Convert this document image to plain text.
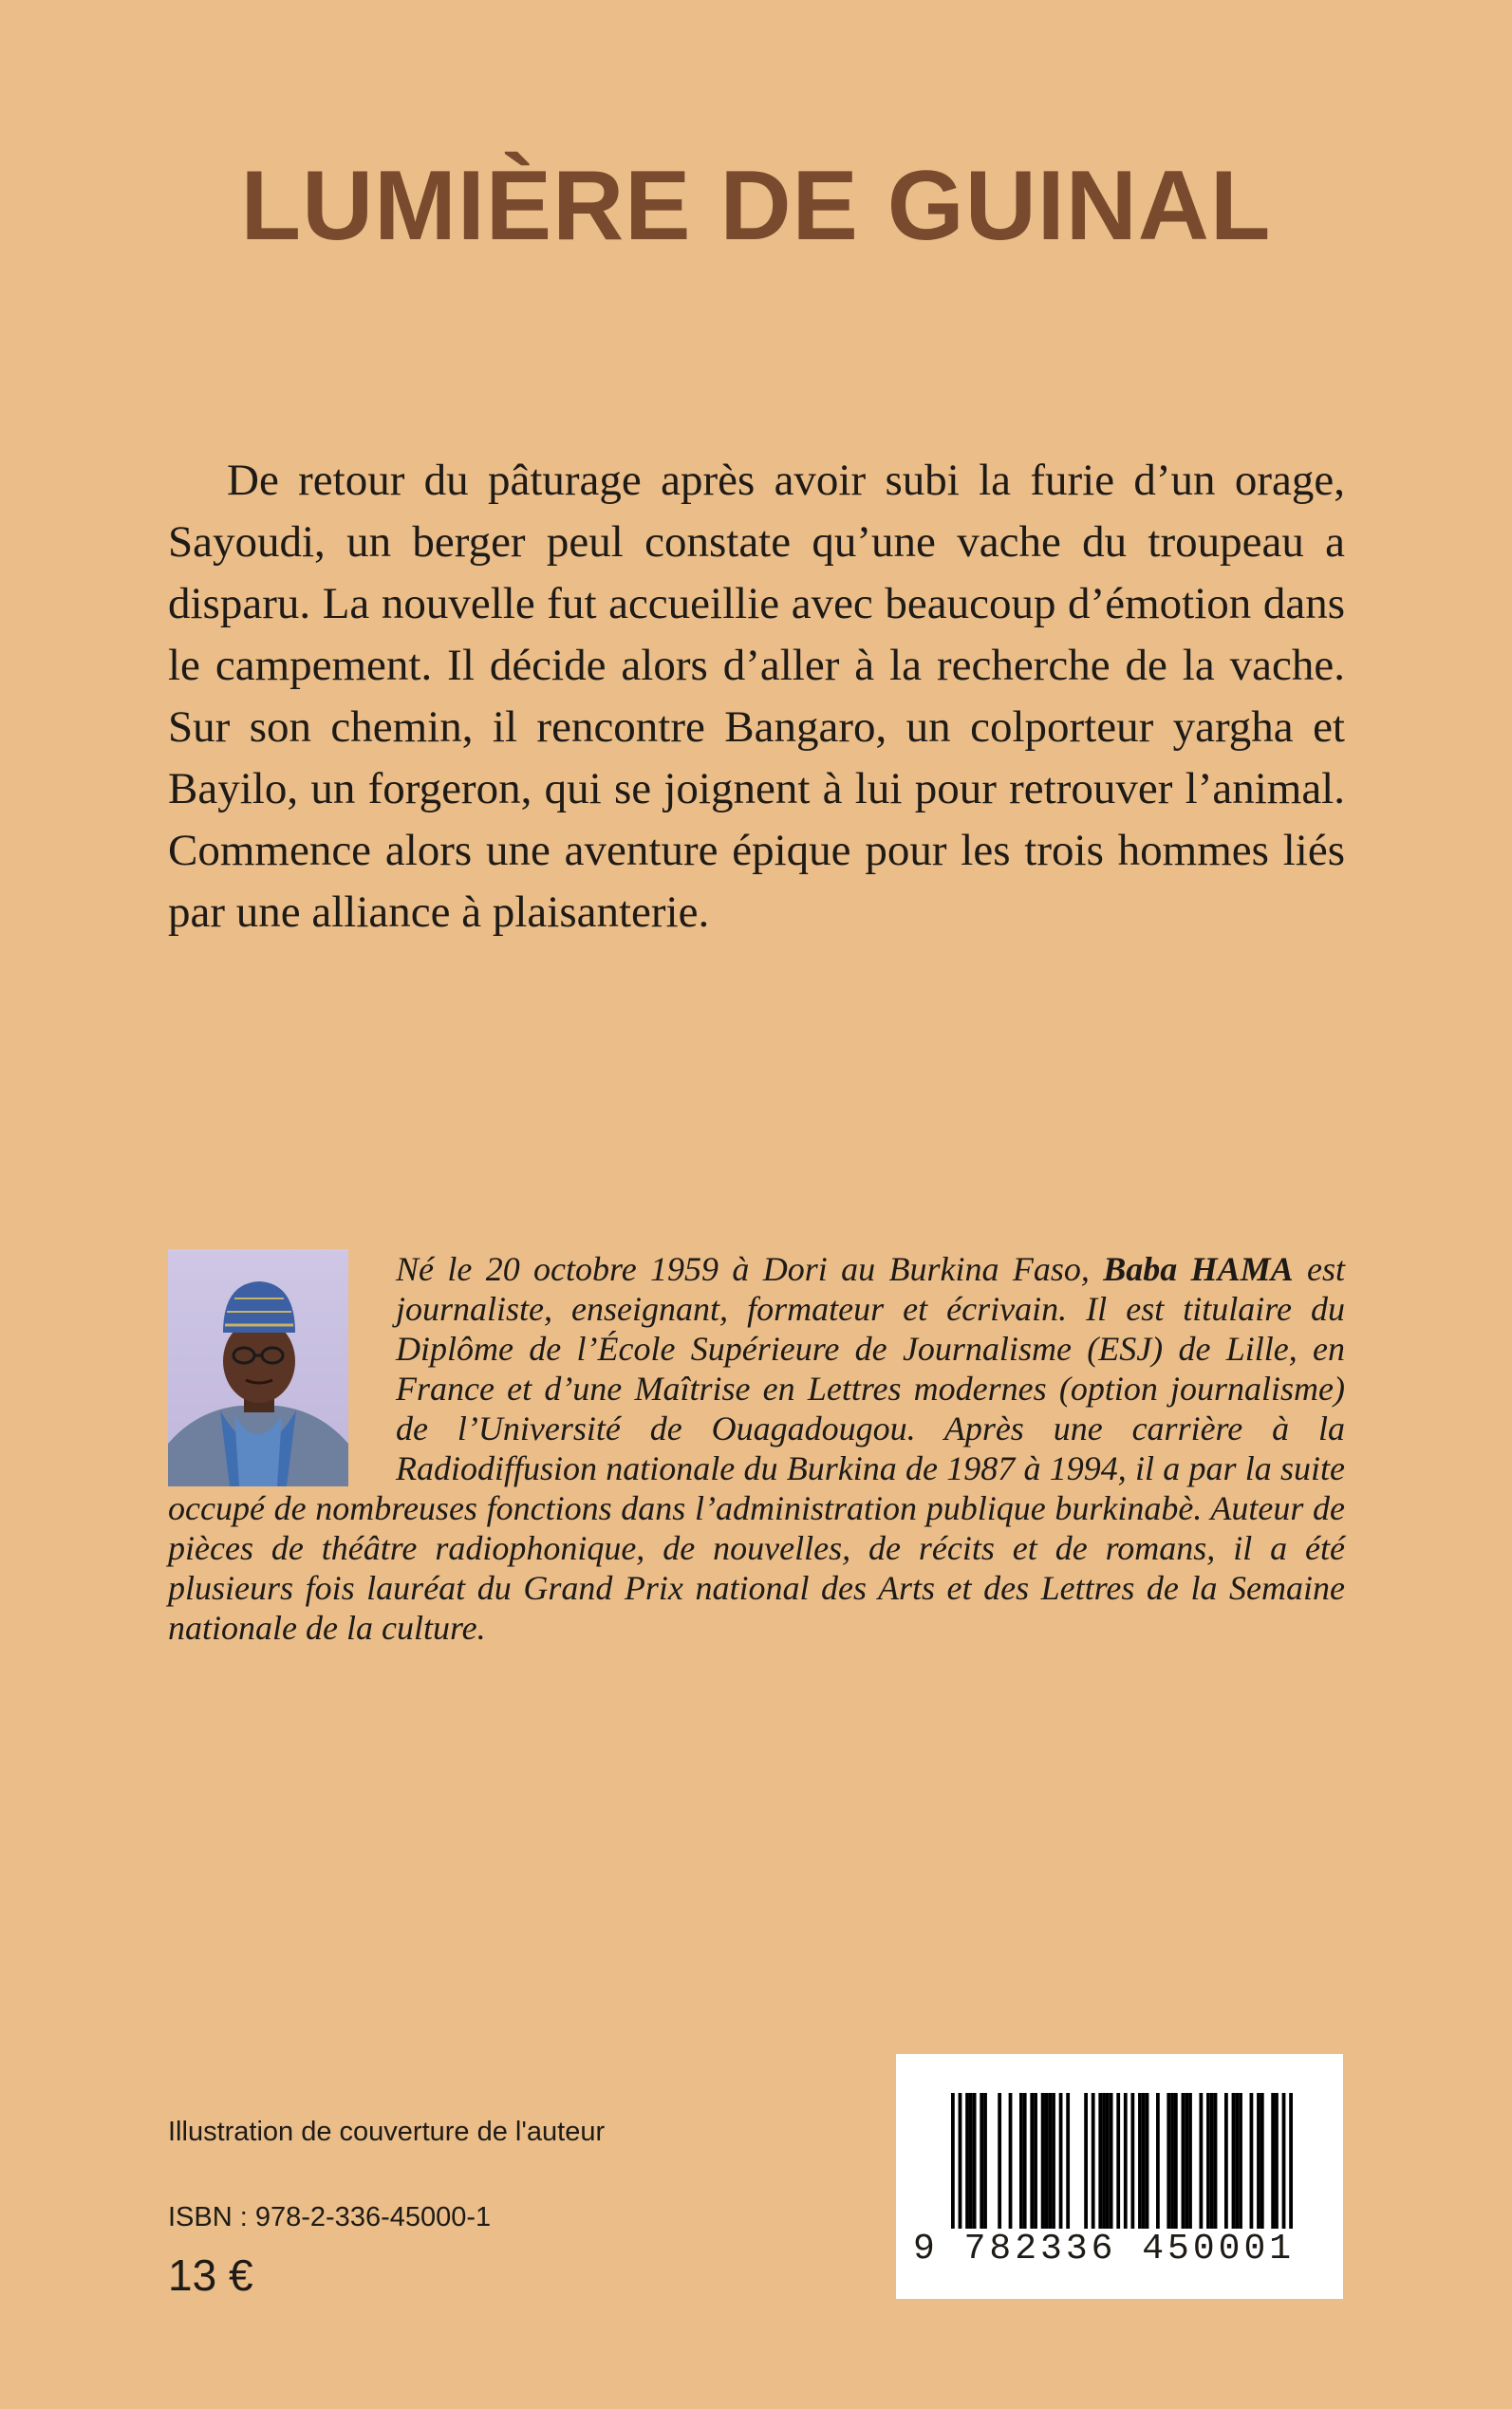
LUMIÈRE DE GUINAL

De retour du pâturage après avoir subi la furie d’un orage, Sayoudi, un berger peul constate qu’une vache du troupeau a disparu. La nouvelle fut accueillie avec beaucoup d’émotion dans le campement. Il décide alors d’aller à la recherche de la vache. Sur son chemin, il rencontre Bangaro, un colporteur yargha et Bayilo, un forgeron, qui se joignent à lui pour retrouver l’animal. Commence alors une aventure épique pour les trois hommes liés par une alliance à plaisanterie.

Né le 20 octobre 1959 à Dori au Burkina Faso, Baba HAMA est journaliste, enseignant, formateur et écrivain. Il est titulaire du Diplôme de l’École Supérieure de Journalisme (ESJ) de Lille, en France et d’une Maîtrise en Lettres modernes (option journalisme) de l’Université de Ouagadougou. Après une carrière à la Radiodiffusion nationale du Burkina de 1987 à 1994, il a par la suite occupé de nombreuses fonctions dans l’administration publique burkinabè. Auteur de pièces de théâtre radiophonique, de nouvelles, de récits et de romans, il a été plusieurs fois lauréat du Grand Prix national des Arts et des Lettres de la Semaine nationale de la culture.

Illustration de couverture de l'auteur
ISBN : 978-2-336-45000-1
13 €
9 782336 450001
